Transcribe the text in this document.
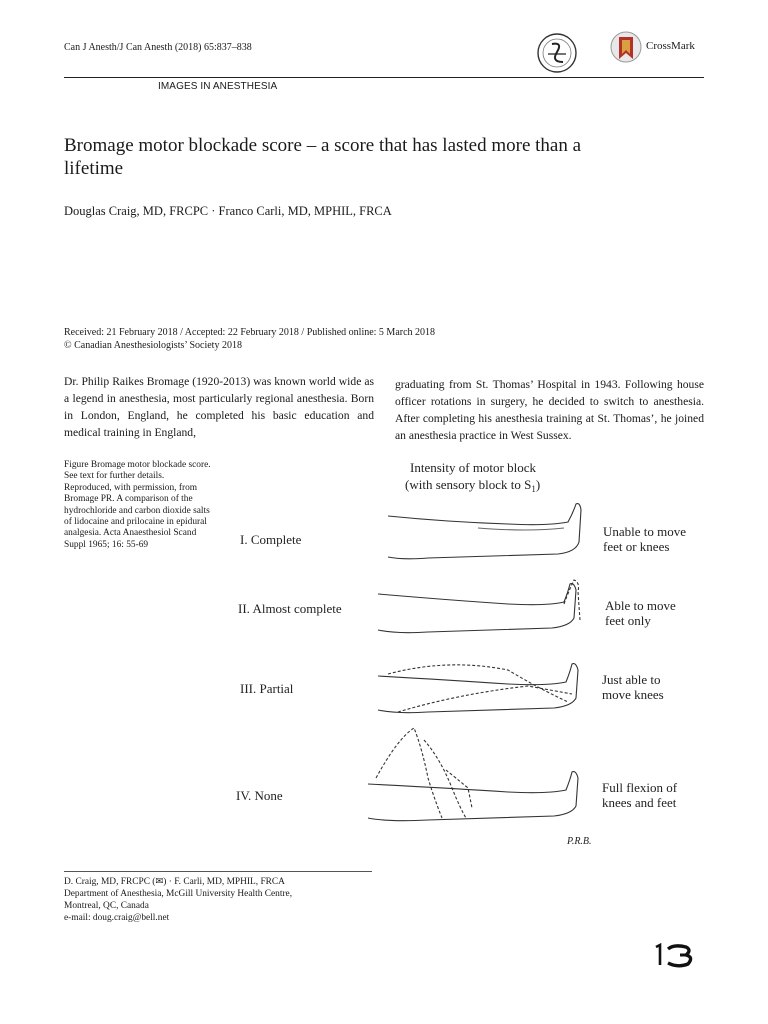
Can J Anesth/J Can Anesth (2018) 65:837–838	CrossMark
IMAGES IN ANESTHESIA
Bromage motor blockade score – a score that has lasted more than a lifetime
Douglas Craig, MD, FRCPC · Franco Carli, MD, MPHIL, FRCA
Received: 21 February 2018 / Accepted: 22 February 2018 / Published online: 5 March 2018
© Canadian Anesthesiologists’ Society 2018
Dr. Philip Raikes Bromage (1920-2013) was known world wide as a legend in anesthesia, most particularly regional anesthesia. Born in London, England, he completed his basic education and medical training in England,
graduating from St. Thomas’ Hospital in 1943. Following house officer rotations in surgery, he decided to switch to anesthesia. After completing his anesthesia training at St. Thomas’, he joined an anesthesia practice in West Sussex.
Figure Bromage motor blockade score. See text for further details. Reproduced, with permission, from Bromage PR. A comparison of the hydrochloride and carbon dioxide salts of lidocaine and prilocaine in epidural analgesia. Acta Anaesthesiol Scand Suppl 1965; 16: 55-69
Intensity of motor block
(with sensory block to $S_1$)
I. Complete
Unable to move
feet or knees
II. Almost complete	Able to move
feet only
III. Partial
Just able to
move knees
IV. None
Full flexion of
knees and feet
P.R.B.
D. Craig, MD, FRCPC (✉) · F. Carli, MD, MPHIL, FRCA
Department of Anesthesia, McGill University Health Centre,
Montreal, QC, Canada
e-mail: doug.craig@bell.net
